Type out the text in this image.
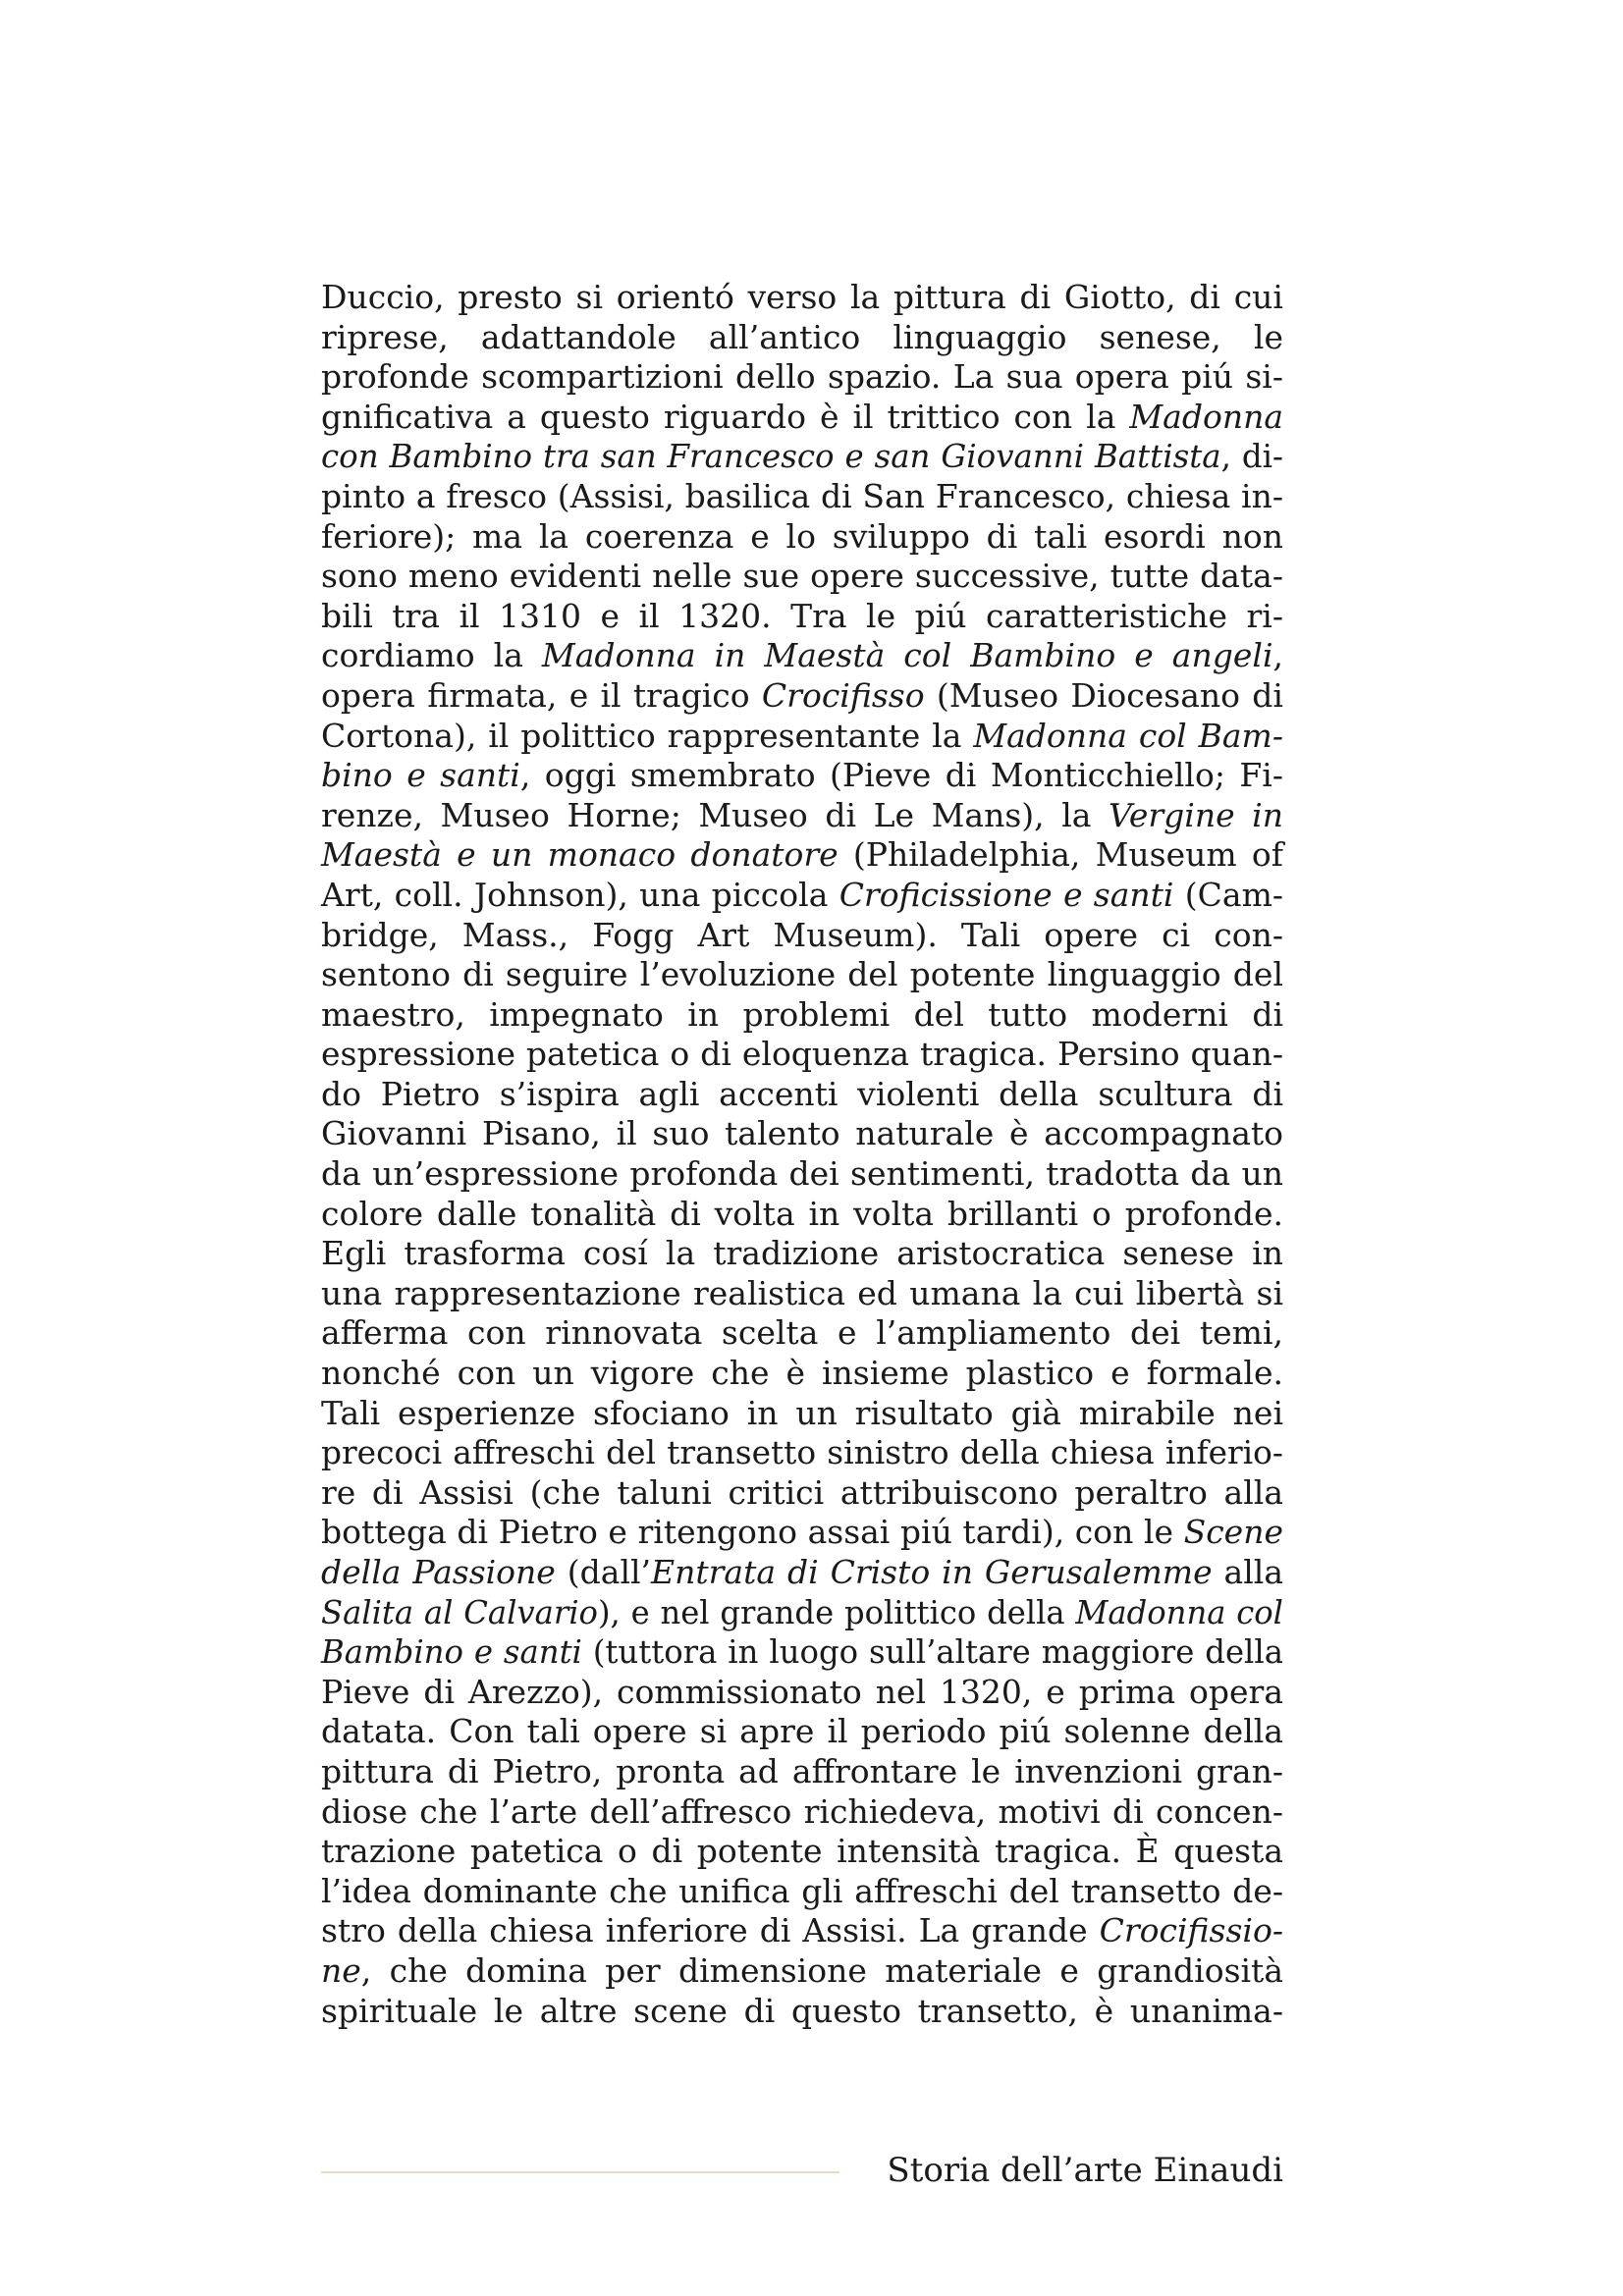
Duccio, presto si orientó verso la pittura di Giotto, di cui
riprese, adattandole all’antico linguaggio senese, le
profonde scompartizioni dello spazio. La sua opera piú si-
gnificativa a questo riguardo è il trittico con la Madonna
con Bambino tra san Francesco e san Giovanni Battista, di-
pinto a fresco (Assisi, basilica di San Francesco, chiesa in-
feriore); ma la coerenza e lo sviluppo di tali esordi non
sono meno evidenti nelle sue opere successive, tutte data-
bili tra il 1310 e il 1320. Tra le piú caratteristiche ri-
cordiamo la Madonna in Maestà col Bambino e angeli,
opera firmata, e il tragico Crocifisso (Museo Diocesano di
Cortona), il polittico rappresentante la Madonna col Bam-
bino e santi, oggi smembrato (Pieve di Monticchiello; Fi-
renze, Museo Horne; Museo di Le Mans), la Vergine in
Maestà e un monaco donatore (Philadelphia, Museum of
Art, coll. Johnson), una piccola Croficissione e santi (Cam-
bridge, Mass., Fogg Art Museum). Tali opere ci con-
sentono di seguire l’evoluzione del potente linguaggio del
maestro, impegnato in problemi del tutto moderni di
espressione patetica o di eloquenza tragica. Persino quan-
do Pietro s’ispira agli accenti violenti della scultura di
Giovanni Pisano, il suo talento naturale è accompagnato
da un’espressione profonda dei sentimenti, tradotta da un
colore dalle tonalità di volta in volta brillanti o profonde.
Egli trasforma cosí la tradizione aristocratica senese in
una rappresentazione realistica ed umana la cui libertà si
afferma con rinnovata scelta e l’ampliamento dei temi,
nonché con un vigore che è insieme plastico e formale.
Tali esperienze sfociano in un risultato già mirabile nei
precoci affreschi del transetto sinistro della chiesa inferio-
re di Assisi (che taluni critici attribuiscono peraltro alla
bottega di Pietro e ritengono assai piú tardi), con le Scene
della Passione (dall’Entrata di Cristo in Gerusalemme alla
Salita al Calvario), e nel grande polittico della Madonna col
Bambino e santi (tuttora in luogo sull’altare maggiore della
Pieve di Arezzo), commissionato nel 1320, e prima opera
datata. Con tali opere si apre il periodo piú solenne della
pittura di Pietro, pronta ad affrontare le invenzioni gran-
diose che l’arte dell’affresco richiedeva, motivi di concen-
trazione patetica o di potente intensità tragica. È questa
l’idea dominante che unifica gli affreschi del transetto de-
stro della chiesa inferiore di Assisi. La grande Crocifissio-
ne, che domina per dimensione materiale e grandiosità
spirituale le altre scene di questo transetto, è unanima-
Storia dell’arte Einaudi
